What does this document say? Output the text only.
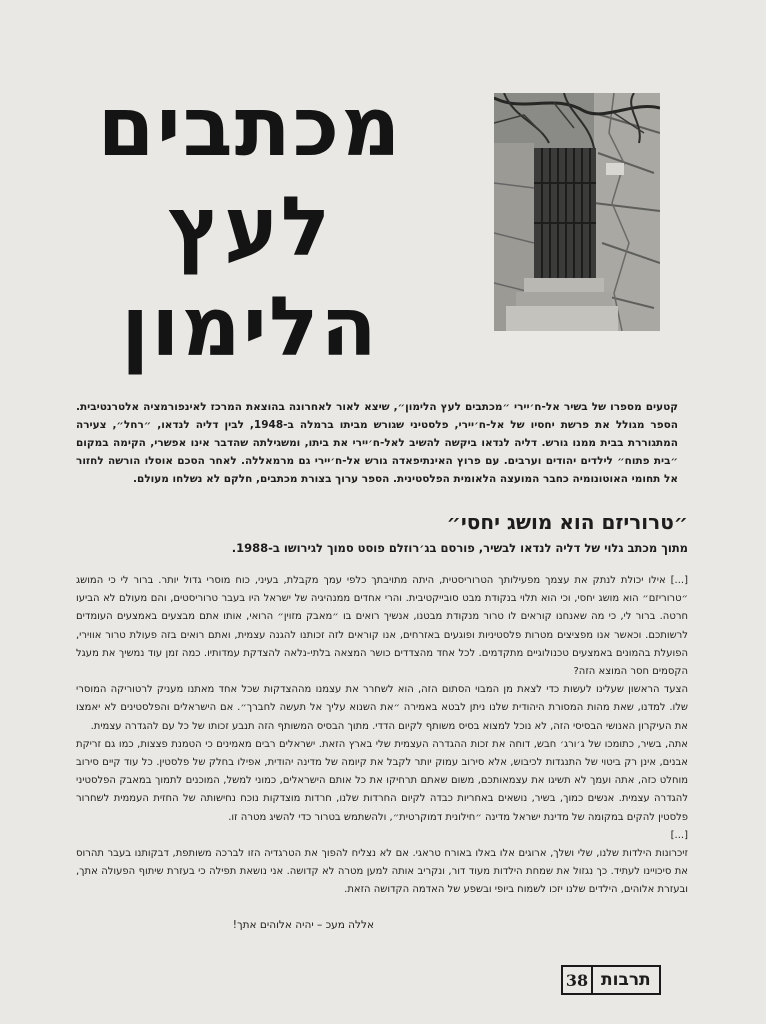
מכתבים
לעץ
הלימון

קטעים מספרו של בשיר אל-ח׳יירי ״מכתבים לעץ הלימון״, שיצא לאור לאחרונה בהוצאת המרכז לאינפורמציה אלטרנטיבית. הספר מגולל את פרשת יחסיו של אל-ח׳יירי, פלסטיני שגורש מביתו ברמלה ב-1948, לבין דליה לנדאו, ״רחל״, צעירה המתגוררת בבית ממנו גורש. דליה לנדאו ביקשה להשיב לאל-ח׳יירי את ביתו, ומשגילתה שהדבר אינו אפשרי, הקימה במקום ״בית פתוח״ לילדים יהודים וערבים. עם פרוץ האינתיפאדה גורש אל-ח׳יירי גם מרמאללה. לאחר הסכם אוסלו הורשה לחזור אל תחומי האוטונומיה כחבר המועצה הלאומית הפלסטינית. הספר ערוך בצורת מכתבים, חלקם לא נשלחו מעולם.

״טרוריזם הוא מושג יחסי״
מתוך מכתב גלוי של דליה לנדאו לבשיר, פורסם בג׳רוזלם פוסט סמוך לגירושו ב-1988.

[...] אילו יכולת לנתק את עצמך מפעילותך הטרוריסטית, היתה מתויבתך כלפי עמך מקבלת, בעיני, כוח מוסרי גדול יותר. ברור לי כי המושג ״טרוריזם״ הוא מושג יחסי, וכי הוא תלוי בנקודת מבט סובייקטיבית. והרי אחדים ממנהיגיה של ישראל היו בעבר טרוריסטים, והם מעולם לא הביעו חרטה. ברור לי, כי מה שאנחנו קוראים לו טרור מנקודת מבטנו, אנשיך רואים בו ״מאבק מזוין״ הרואי, אותו אתם מבצעים באמצעים העומדים לרשותכם. וכאשר אנו מפציצים מטרות פלסטיניות ופוגעים באזרחים, אנו קוראים לזה זכותנו להגנה עצמית, ואתם רואים בזה פעולת טרור אווירי, הפועלת בהמונים באמצעים טכנולוגיים מתקדמים. לכל אחד מהצדדים כושר המצאה בלתי-נלאה להצדקת עמדותיו. כמה זמן עוד נמשיך את מעגל הקסמים חסר המוצא הזה?

הצעד הראשון שעלינו לעשות כדי לצאת מן המבוי הסתום הזה, הוא לשחרר את עצמנו מההצדקות שכל אחד מאתנו מעניק לרטוריקה המוסרי שלו. למדנו, שאת מהות המסורת היהודית שלנו ניתן לבטא באמירה ״את השנוא עליך אל תעשה לחברך״. אם הישראלים והפלסטינים לא יאמצו את העיקרון האנושי הבסיסי הזה, לא נוכל למצוא בסיס משותף לקיום הדדי. מתוך הבסיס המשותף הזה תנבע זכותו של כל עם להגדרה עצמית.

אתה, בשיר, כתומכו של ג׳ורג׳ חבש, דוחה את זכות ההגדרה העצמית שלי בארץ הזאת. ישראלים רבים מאמינים כי הטמנת פצצות, כמו גם זריקת אבנים, אינן רק ביטוי של התנגדות לכיבוש, אלא סירוב עמוק יותר לקבל את קיומה של מדינה יהודית, אפילו בחלק של פלסטין. כל עוד קיים סירוב מוחלט כזה, אתה ועמך לא תשיגו את עצמאותכם, משום שאתם תרחיקו את כל אותם הישראלים, כמוני למשל, המוכנים לתמוך במאבק הפלסטיני להגדרה עצמית. אנשים כמוך, בשיר, נושאים באחריות כבדה לקיום החרדות שלנו, חרדות מוצדקות נוכח נחישותה של החזית העממית לשחרור פלסטין להקים במקומה של מדינת ישראל מדינה ״חילונית דמוקרטית״, ולהשתמש בטרור כדי להשיג מטרה זו.

[...]

זיכרונות הילדות שלנו, שלי ושלך, ארוגים אלו באלו באורח טראגי. אם לא נצליח להפוך את הטרגדיה הזו לברכה משותפת, דבקותנו בעבר תהרוס את סיכויינו לעתיד. כך נגזול את שמחת הילדות מעוד דור, ונקריב אותה למען מטרה לא קדושה. אני נושאת תפילה כי בעזרת שיתוף הפעולה אתך, ובעזרת אלוהים, הילדים שלנו יזכו לשמוח ביופי ובשפע של האדמה הקדושה הזאת.

אללה מעכ – יהיה אלוהים אתך!
38 תרבות
